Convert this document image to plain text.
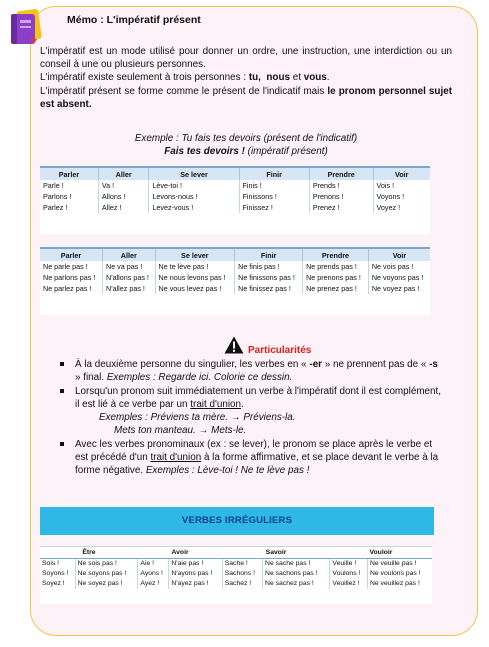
Mémo : L'impératif présent

L'impératif est un mode utilisé pour donner un ordre, une instruction, une interdiction ou un conseil à une ou plusieurs personnes.

L'impératif existe seulement à trois personnes : tu, nous et vous.

L'impératif présent se forme comme le présent de l'indicatif mais le pronom personnel sujet est absent.

Exemple : Tu fais tes devoirs (présent de l'indicatif)
Fais tes devoirs ! (impératif présent)
Parler	Aller	Se lever	Finir	Prendre	Voir
Parle !	Va !	Lève-toi !	Finis !	Prends !	Vois !
Parlons !	Allons !	Levons-nous !	Finissons !	Prenons !	Voyons !
Parlez !	Allez !	Levez-vous !	Finissez !	Prenez !	Voyez !
Parler	Aller	Se lever	Finir	Prendre	Voir
Ne parle pas !	Ne va pas !	Ne te lève pas !	Ne finis pas !	Ne prends pas !	Ne vois pas !
Ne parlons pas !	N'allons pas !	Ne nous levons pas !	Ne finissons pas !	Ne prenons pas !	Ne voyons pas !
Ne parlez pas !	N'allez pas !	Ne vous levez pas !	Ne finissez pas !	Ne prenez pas !	Ne voyez pas !
Particularités
À la deuxième personne du singulier, les verbes en « -er » ne prennent pas de « -s » final. Exemples : Regarde ici. Colorie ce dessin.
Lorsqu'un pronom suit immédiatement un verbe à l'impératif dont il est complément, il est lié à ce verbe par un trait d'union.
Exemples : Préviens ta mère. → Préviens-la.
Mets ton manteau. → Mets-le.
Avec les verbes pronominaux (ex : se lever), le pronom se place après le verbe et est précédé d'un trait d'union à la forme affirmative, et se place devant le verbe à la forme négative. Exemples : Lève-toi ! Ne te lève pas !
VERBES IRRÉGULIERS
Être		Avoir		Savoir		Vouloir	
Sois !	Ne sois pas !	Aie !	N'aie pas !	Sache !	Ne sache pas !	Veuille !	Ne veuille pas !
Soyons !	Ne soyons pas !	Ayons !	N'ayons pas !	Sachons !	Ne sachons pas !	Voulons !	Ne voulons pas !
Soyez !	Ne soyez pas !	Ayez !	N'ayez pas !	Sachez !	Ne sachez pas !	Veuillez !	Ne veuillez pas !
